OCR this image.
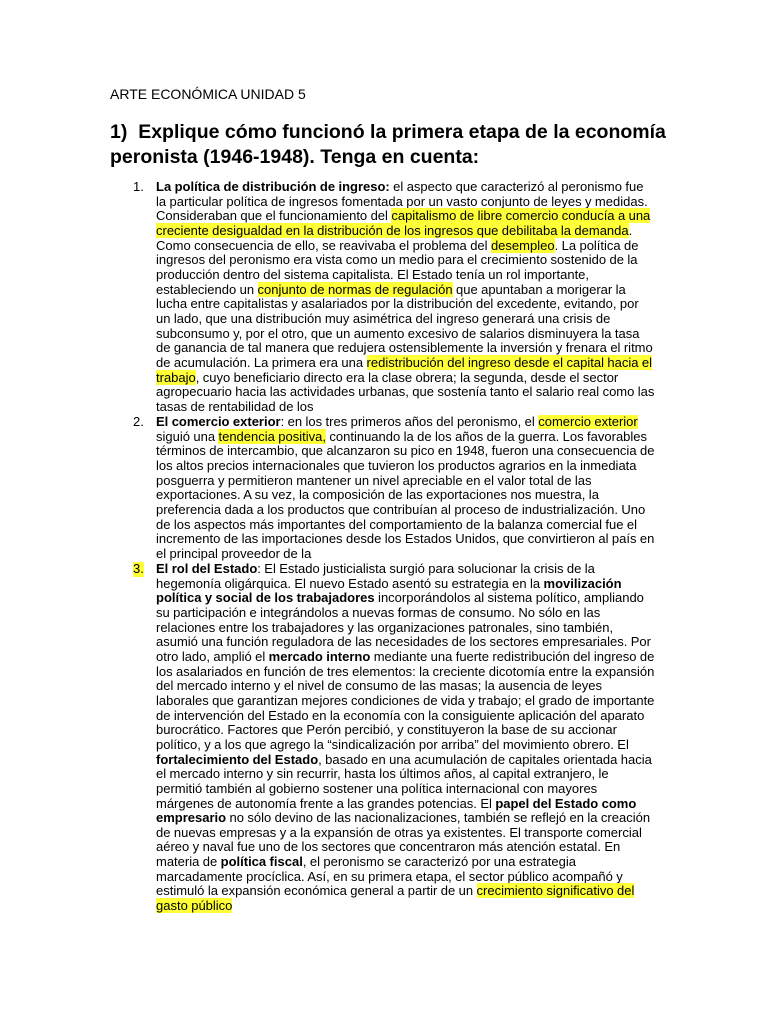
ARTE ECONÓMICA UNIDAD 5
1) Explique cómo funcionó la primera etapa de la economía peronista (1946-1948). Tenga en cuenta:
1. La política de distribución de ingreso: el aspecto que caracterizó al peronismo fue la particular política de ingresos fomentada por un vasto conjunto de leyes y medidas. Consideraban que el funcionamiento del capitalismo de libre comercio conducía a una creciente desigualdad en la distribución de los ingresos que debilitaba la demanda. Como consecuencia de ello, se reavivaba el problema del desempleo. La política de ingresos del peronismo era vista como un medio para el crecimiento sostenido de la producción dentro del sistema capitalista. El Estado tenía un rol importante, estableciendo un conjunto de normas de regulación que apuntaban a morigerar la lucha entre capitalistas y asalariados por la distribución del excedente, evitando, por un lado, que una distribución muy asimétrica del ingreso generará una crisis de subconsumo y, por el otro, que un aumento excesivo de salarios disminuyera la tasa de ganancia de tal manera que redujera ostensiblemente la inversión y frenara el ritmo de acumulación. La primera era una redistribución del ingreso desde el capital hacia el trabajo, cuyo beneficiario directo era la clase obrera; la segunda, desde el sector agropecuario hacia las actividades urbanas, que sostenía tanto el salario real como las tasas de rentabilidad de los

2. El comercio exterior: en los tres primeros años del peronismo, el comercio exterior siguió una tendencia positiva, continuando la de los años de la guerra. Los favorables términos de intercambio, que alcanzaron su pico en 1948, fueron una consecuencia de los altos precios internacionales que tuvieron los productos agrarios en la inmediata posguerra y permitieron mantener un nivel apreciable en el valor total de las exportaciones. A su vez, la composición de las exportaciones nos muestra, la preferencia dada a los productos que contribuían al proceso de industrialización. Uno de los aspectos más importantes del comportamiento de la balanza comercial fue el incremento de las importaciones desde los Estados Unidos, que convirtieron al país en el principal proveedor de la

3. El rol del Estado: El Estado justicialista surgió para solucionar la crisis de la hegemonía oligárquica. El nuevo Estado asentó su estrategia en la movilización política y social de los trabajadores incorporándolos al sistema político, ampliando su participación e integrándolos a nuevas formas de consumo. No sólo en las relaciones entre los trabajadores y las organizaciones patronales, sino también, asumió una función reguladora de las necesidades de los sectores empresariales. Por otro lado, amplió el mercado interno mediante una fuerte redistribución del ingreso de los asalariados en función de tres elementos: la creciente dicotomía entre la expansión del mercado interno y el nivel de consumo de las masas; la ausencia de leyes laborales que garantizan mejores condiciones de vida y trabajo; el grado de importante de intervención del Estado en la economía con la consiguiente aplicación del aparato burocrático. Factores que Perón percibió, y constituyeron la base de su accionar político, y a los que agrego la “sindicalización por arriba” del movimiento obrero. El fortalecimiento del Estado, basado en una acumulación de capitales orientada hacia el mercado interno y sin recurrir, hasta los últimos años, al capital extranjero, le permitió también al gobierno sostener una política internacional con mayores márgenes de autonomía frente a las grandes potencias. El papel del Estado como empresario no sólo devino de las nacionalizaciones, también se reflejó en la creación de nuevas empresas y a la expansión de otras ya existentes. El transporte comercial aéreo y naval fue uno de los sectores que concentraron más atención estatal. En materia de política fiscal, el peronismo se caracterizó por una estrategia marcadamente procíclica. Así, en su primera etapa, el sector público acompañó y estimuló la expansión económica general a partir de un crecimiento significativo del gasto público
